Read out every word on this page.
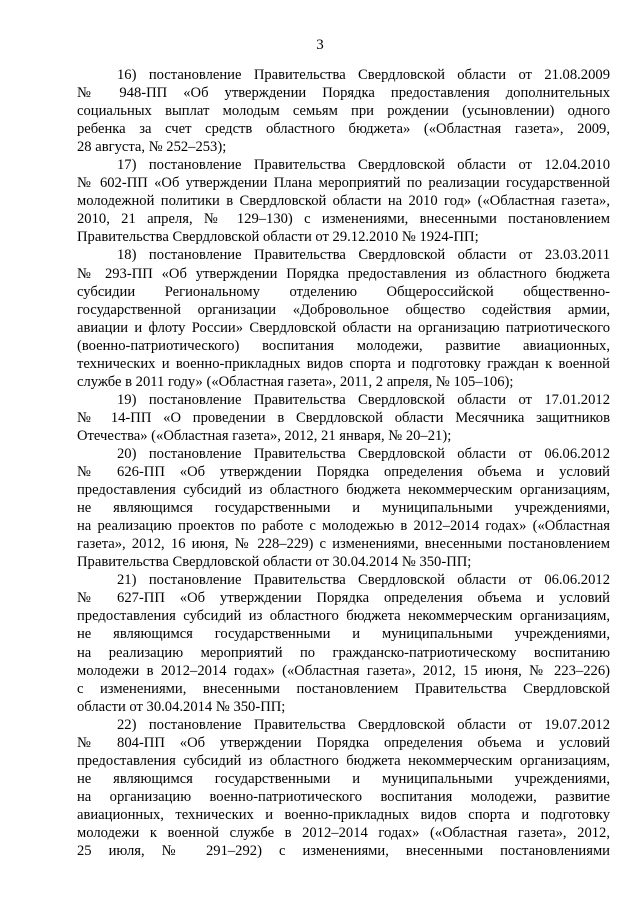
3
16) постановление Правительства Свердловской области от 21.08.2009
№ 948-ПП «Об утверждении Порядка предоставления дополнительных
социальных выплат молодым семьям при рождении (усыновлении) одного
ребенка за счет средств областного бюджета» («Областная газета», 2009,
28 августа, № 252–253);
17) постановление Правительства Свердловской области от 12.04.2010
№ 602-ПП «Об утверждении Плана мероприятий по реализации государственной
молодежной политики в Свердловской области на 2010 год» («Областная газета»,
2010, 21 апреля, № 129–130) с изменениями, внесенными постановлением
Правительства Свердловской области от 29.12.2010 № 1924-ПП;
18) постановление Правительства Свердловской области от 23.03.2011
№ 293-ПП «Об утверждении Порядка предоставления из областного бюджета
субсидии Региональному отделению Общероссийской общественно-
государственной организации «Добровольное общество содействия армии,
авиации и флоту России» Свердловской области на организацию патриотического
(военно-патриотического) воспитания молодежи, развитие авиационных,
технических и военно-прикладных видов спорта и подготовку граждан к военной
службе в 2011 году» («Областная газета», 2011, 2 апреля, № 105–106);
19) постановление Правительства Свердловской области от 17.01.2012
№ 14-ПП «О проведении в Свердловской области Месячника защитников
Отечества» («Областная газета», 2012, 21 января, № 20–21);
20) постановление Правительства Свердловской области от 06.06.2012
№ 626-ПП «Об утверждении Порядка определения объема и условий
предоставления субсидий из областного бюджета некоммерческим организациям,
не являющимся государственными и муниципальными учреждениями,
на реализацию проектов по работе с молодежью в 2012–2014 годах» («Областная
газета», 2012, 16 июня, № 228–229) с изменениями, внесенными постановлением
Правительства Свердловской области от 30.04.2014 № 350-ПП;
21) постановление Правительства Свердловской области от 06.06.2012
№ 627-ПП «Об утверждении Порядка определения объема и условий
предоставления субсидий из областного бюджета некоммерческим организациям,
не являющимся государственными и муниципальными учреждениями,
на реализацию мероприятий по гражданско-патриотическому воспитанию
молодежи в 2012–2014 годах» («Областная газета», 2012, 15 июня, № 223–226)
с изменениями, внесенными постановлением Правительства Свердловской
области от 30.04.2014 № 350-ПП;
22) постановление Правительства Свердловской области от 19.07.2012
№ 804-ПП «Об утверждении Порядка определения объема и условий
предоставления субсидий из областного бюджета некоммерческим организациям,
не являющимся государственными и муниципальными учреждениями,
на организацию военно-патриотического воспитания молодежи, развитие
авиационных, технических и военно-прикладных видов спорта и подготовку
молодежи к военной службе в 2012–2014 годах» («Областная газета», 2012,
25 июля, № 291–292) с изменениями, внесенными постановлениями
